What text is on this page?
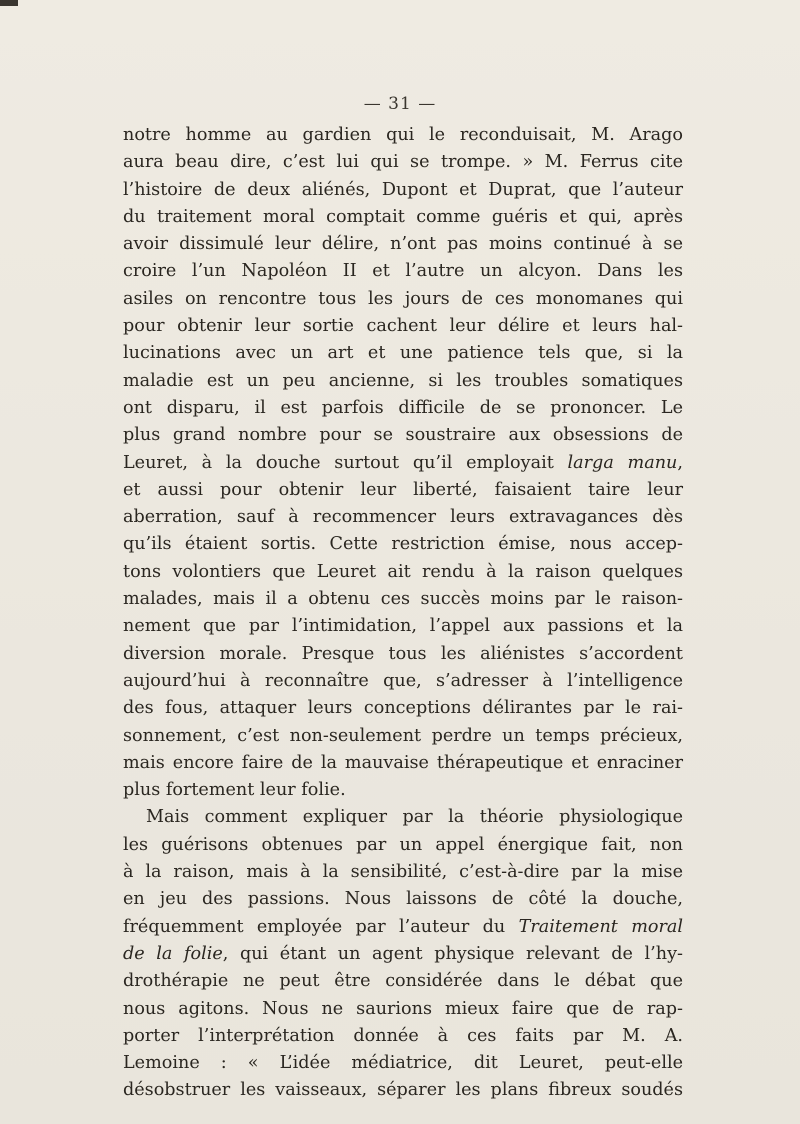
— 31 —
notre homme au gardien qui le reconduisait, M. Arago
aura beau dire, c’est lui qui se trompe. » M. Ferrus cite
l’histoire de deux aliénés, Dupont et Duprat, que l’auteur
du traitement moral comptait comme guéris et qui, après
avoir dissimulé leur délire, n’ont pas moins continué à se
croire l’un Napoléon II et l’autre un alcyon. Dans les
asiles on rencontre tous les jours de ces monomanes qui
pour obtenir leur sortie cachent leur délire et leurs hal-
lucinations avec un art et une patience tels que, si la
maladie est un peu ancienne, si les troubles somatiques
ont disparu, il est parfois difficile de se prononcer. Le
plus grand nombre pour se soustraire aux obsessions de
Leuret, à la douche surtout qu’il employait larga manu,
et aussi pour obtenir leur liberté, faisaient taire leur
aberration, sauf à recommencer leurs extravagances dès
qu’ils étaient sortis. Cette restriction émise, nous accep-
tons volontiers que Leuret ait rendu à la raison quelques
malades, mais il a obtenu ces succès moins par le raison-
nement que par l’intimidation, l’appel aux passions et la
diversion morale. Presque tous les aliénistes s’accordent
aujourd’hui à reconnaître que, s’adresser à l’intelligence
des fous, attaquer leurs conceptions délirantes par le rai-
sonnement, c’est non-seulement perdre un temps précieux,
mais encore faire de la mauvaise thérapeutique et enraciner
plus fortement leur folie.
Mais comment expliquer par la théorie physiologique
les guérisons obtenues par un appel énergique fait, non
à la raison, mais à la sensibilité, c’est-à-dire par la mise
en jeu des passions. Nous laissons de côté la douche,
fréquemment employée par l’auteur du Traitement moral
de la folie, qui étant un agent physique relevant de l’hy-
drothérapie ne peut être considérée dans le débat que
nous agitons. Nous ne saurions mieux faire que de rap-
porter l’interprétation donnée à ces faits par M. A.
Lemoine : « L’idée médiatrice, dit Leuret, peut-elle
désobstruer les vaisseaux, séparer les plans fibreux soudés
